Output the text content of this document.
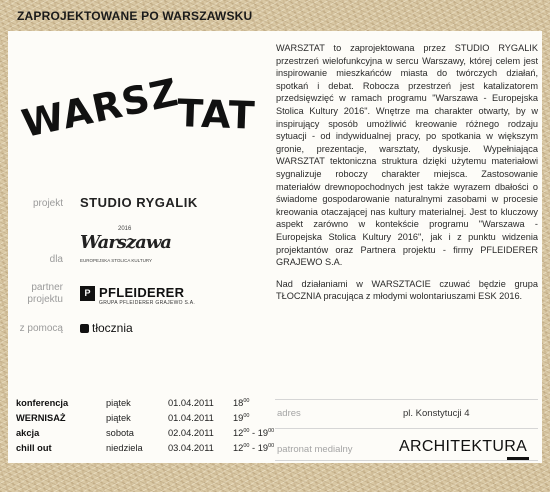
ZAPROJEKTOWANE PO WARSZAWSKU
WARSZ
TAT
projekt STUDIO RYGALIK
dla
2016
Warszawa
EUROPEJSKA STOLICA KULTURY
partner
projektu
P PFLEIDERER
GRUPA PFLEIDERER GRAJEWO S.A.
z pomocą	tłocznia

WARSZTAT to zaprojektowana przez STUDIO RYGALIK przestrzeń wielofunkcyjna w sercu Warszawy, której celem jest inspirowanie mieszkańców miasta do twórczych działań, spotkań i debat. Robocza przestrzeń jest katalizatorem przedsięwzięć w ramach programu "Warszawa - Europejska Stolica Kultury 2016". Wnętrze ma charakter otwarty, by w inspirujący sposób umożliwić kreowanie różnego rodzaju sytuacji - od indywidualnej pracy, po spotkania w większym gronie, prezentacje, warsztaty, dyskusje. Wypełniająca WARSZTAT tektoniczna struktura dzięki użytemu materiałowi sygnalizuje roboczy charakter miejsca. Zastosowanie materiałów drewnopochodnych jest także wyrazem dbałości o świadome gospodarowanie naturalnymi zasobami w procesie kreowania otaczającej nas kultury materialnej. Jest to kluczowy aspekt zarówno w kontekście programu "Warszawa - Europejska Stolica Kultury 2016", jak i z punktu widzenia projektantów oraz Partnera projektu - firmy PFLEIDERER GRAJEWO S.A.

Nad działaniami w WARSZTACIE czuwać będzie grupa TŁOCZNIA pracująca z młodymi wolontariuszami ESK 2016.

adres	pl. Konstytucji 4
patronat medialny	ARCHITEKTURA
konferencja	piątek	01.04.2011	$18^{00}$
WERNISAŻ	piątek	01.04.2011	$19^{00}$
akcja	sobota	02.04.2011	$12^{00} - 19^{00}$
chill out	niedziela	03.04.2011	$12^{00} - 19^{00}$
